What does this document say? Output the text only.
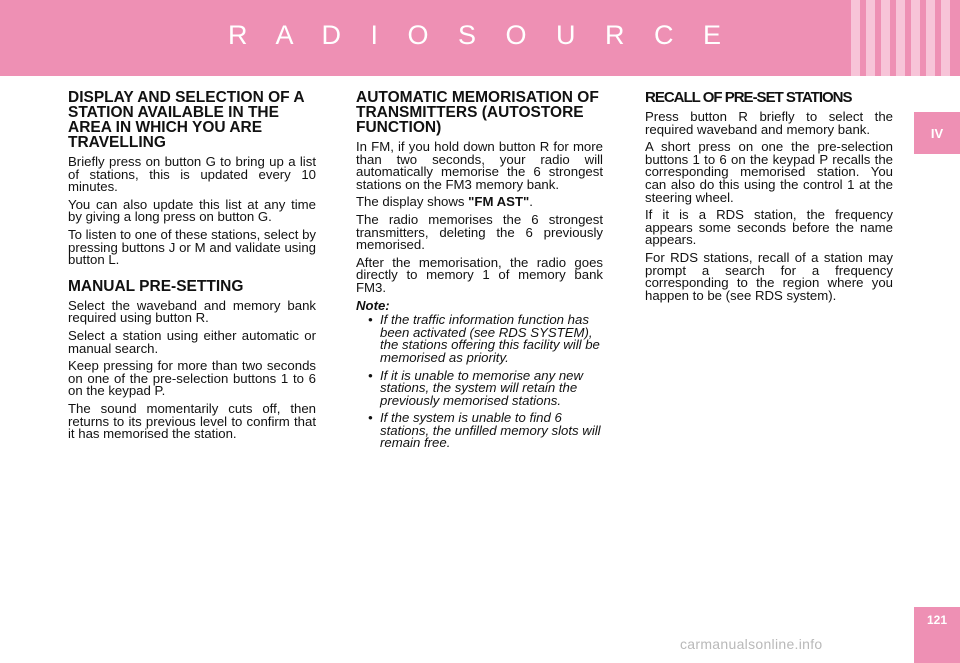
R A D I O S O U R C E
IV
DISPLAY AND SELECTION OF A STATION AVAILABLE IN THE AREA IN WHICH YOU ARE TRAVELLING

Briefly press on button G to bring up a list of stations, this is updated every 10 minutes.

You can also update this list at any time by giving a long press on button G.

To listen to one of these stations, select by pressing buttons J or M and validate using button L.

MANUAL PRE-SETTING

Select the waveband and memory bank required using button R.

Select a station using either automatic or manual search.

Keep pressing for more than two seconds on one of the pre-selection buttons 1 to 6 on the keypad P.

The sound momentarily cuts off, then returns to its previous level to confirm that it has memorised the station.

AUTOMATIC MEMORISATION OF TRANSMITTERS (AUTOSTORE FUNCTION)

In FM, if you hold down button R for more than two seconds, your radio will automatically memorise the 6 strongest stations on the FM3 memory bank.

The display shows "FM AST".

The radio memorises the 6 strongest transmitters, deleting the 6 previously memorised.

After the memorisation, the radio goes directly to memory 1 of memory bank FM3.

Note:

• If the traffic information function has been activated (see RDS SYSTEM), the stations offering this facility will be memorised as priority.
• If it is unable to memorise any new stations, the system will retain the previously memorised stations.
• If the system is unable to find 6 stations, the unfilled memory slots will remain free.
RECALL OF PRE-SET STATIONS

Press button R briefly to select the required waveband and memory bank.

A short press on one the pre-selection buttons 1 to 6 on the keypad P recalls the corresponding memorised station. You can also do this using the control 1 at the steering wheel.

If it is a RDS station, the frequency appears some seconds before the name appears.

For RDS stations, recall of a station may prompt a search for a frequency corresponding to the region where you happen to be (see RDS system).

121
carmanualsonline.info
